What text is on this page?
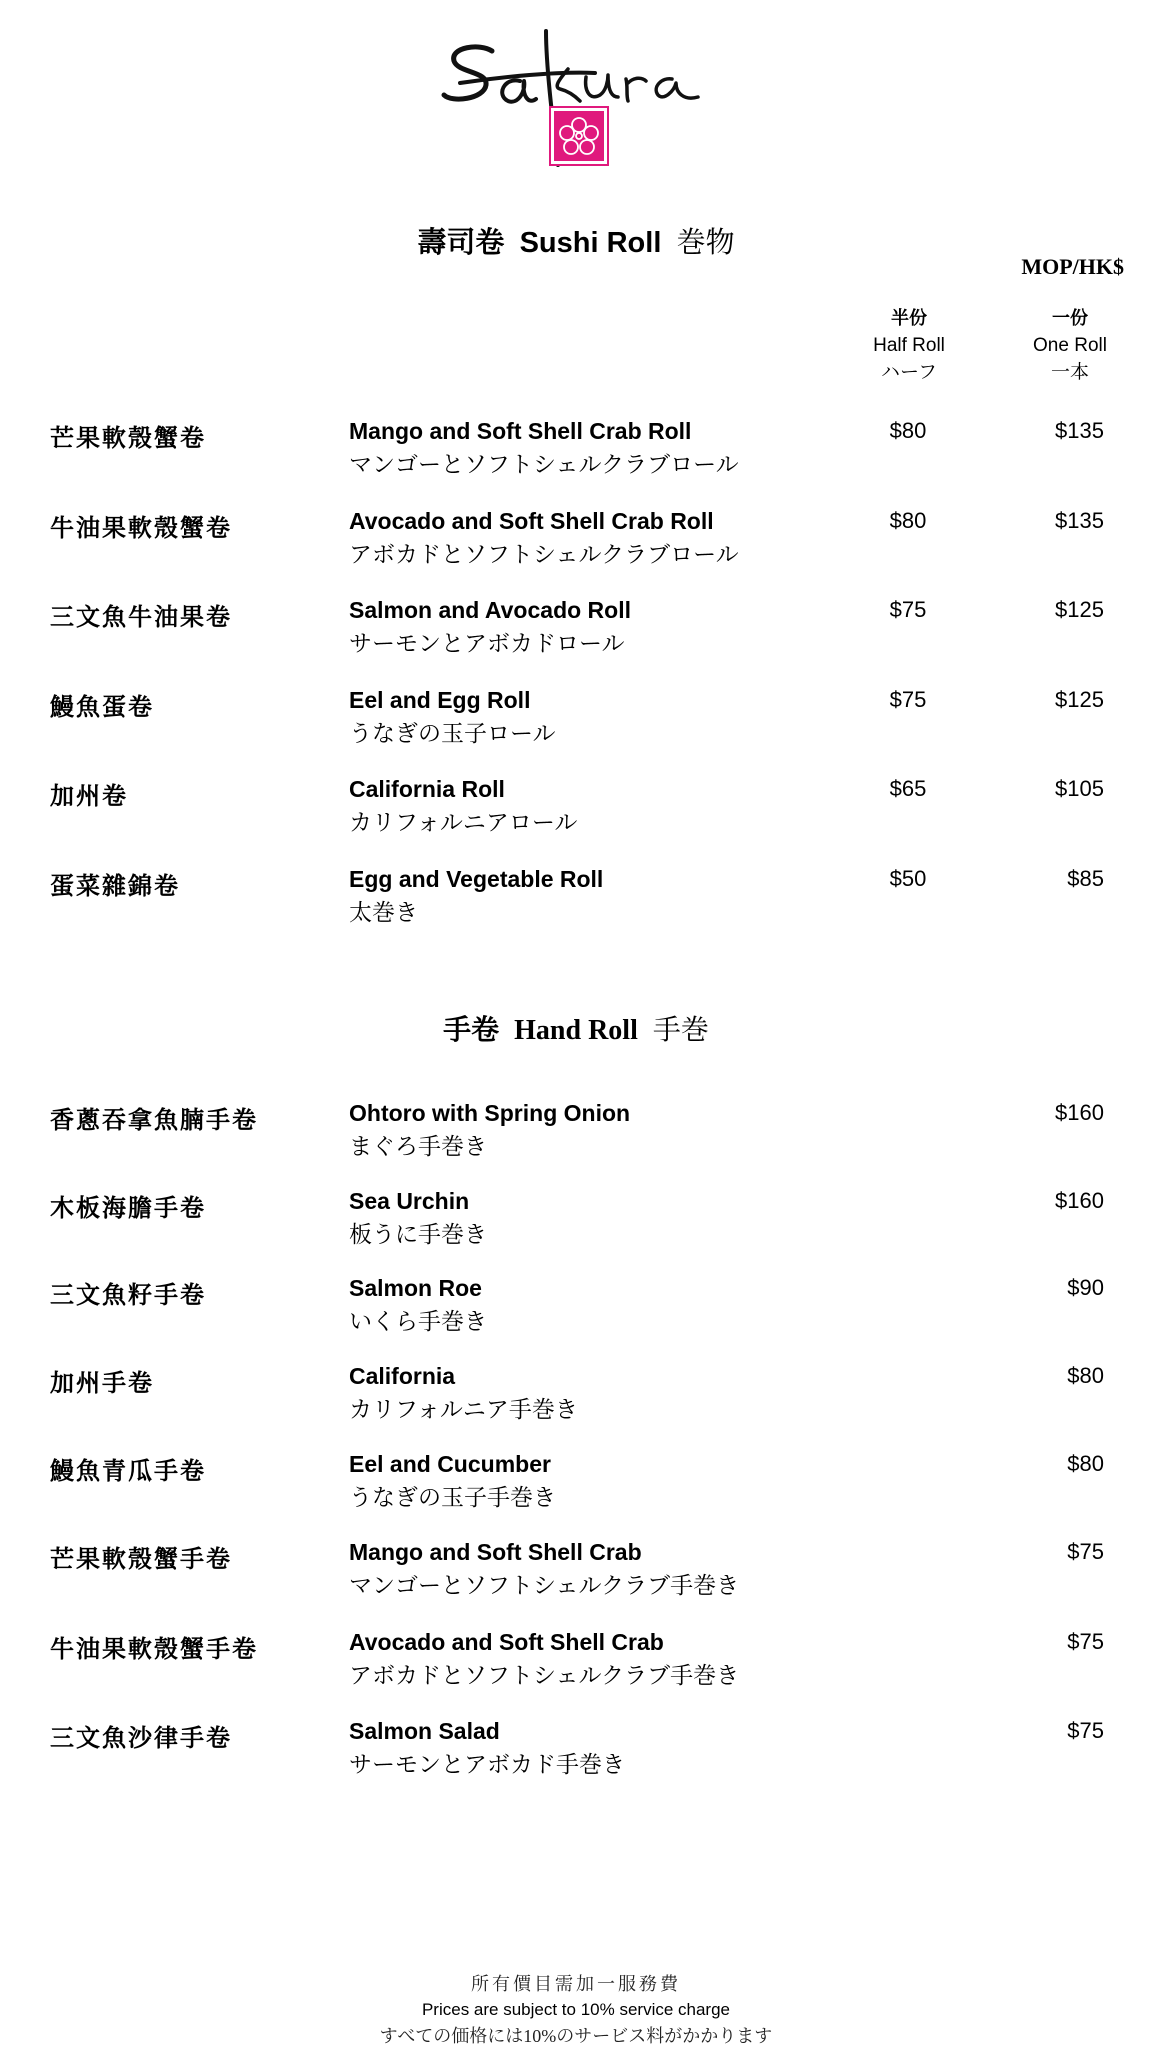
壽司卷 Sushi Roll 巻物
MOP/HK$
半份
Half Roll
ハーフ
一份
One Roll
一本
芒果軟殼蟹卷	Mango and Soft Shell Crab Roll
マンゴーとソフトシェルクラブロール
$80	$135
牛油果軟殼蟹卷	Avocado and Soft Shell Crab Roll
アボカドとソフトシェルクラブロール
$80	$135
三文魚牛油果卷	Salmon and Avocado Roll
サーモンとアボカドロール
$75	$125
鰻魚蛋卷	Eel and Egg Roll
うなぎの玉子ロール
$75	$125
加州卷	California Roll
カリフォルニアロール
$65	$105
蛋菜雜錦卷	Egg and Vegetable Roll
太巻き
$50	$85
手卷 Hand Roll 手巻
香蔥吞拿魚腩手卷	Ohtoro with Spring Onion
まぐろ手巻き
$160
木板海膽手卷	Sea Urchin
板うに手巻き
$160
三文魚籽手卷	Salmon Roe
いくら手巻き
$90
加州手卷	California
カリフォルニア手巻き
$80
鰻魚青瓜手卷	Eel and Cucumber
うなぎの玉子手巻き
$80
芒果軟殼蟹手卷	Mango and Soft Shell Crab
マンゴーとソフトシェルクラブ手巻き
$75
牛油果軟殼蟹手卷	Avocado and Soft Shell Crab
アボカドとソフトシェルクラブ手巻き
$75
三文魚沙律手卷	Salmon Salad
サーモンとアボカド手巻き
$75
所有價目需加一服務費
Prices are subject to 10% service charge
すべての価格には10%のサービス料がかかります
